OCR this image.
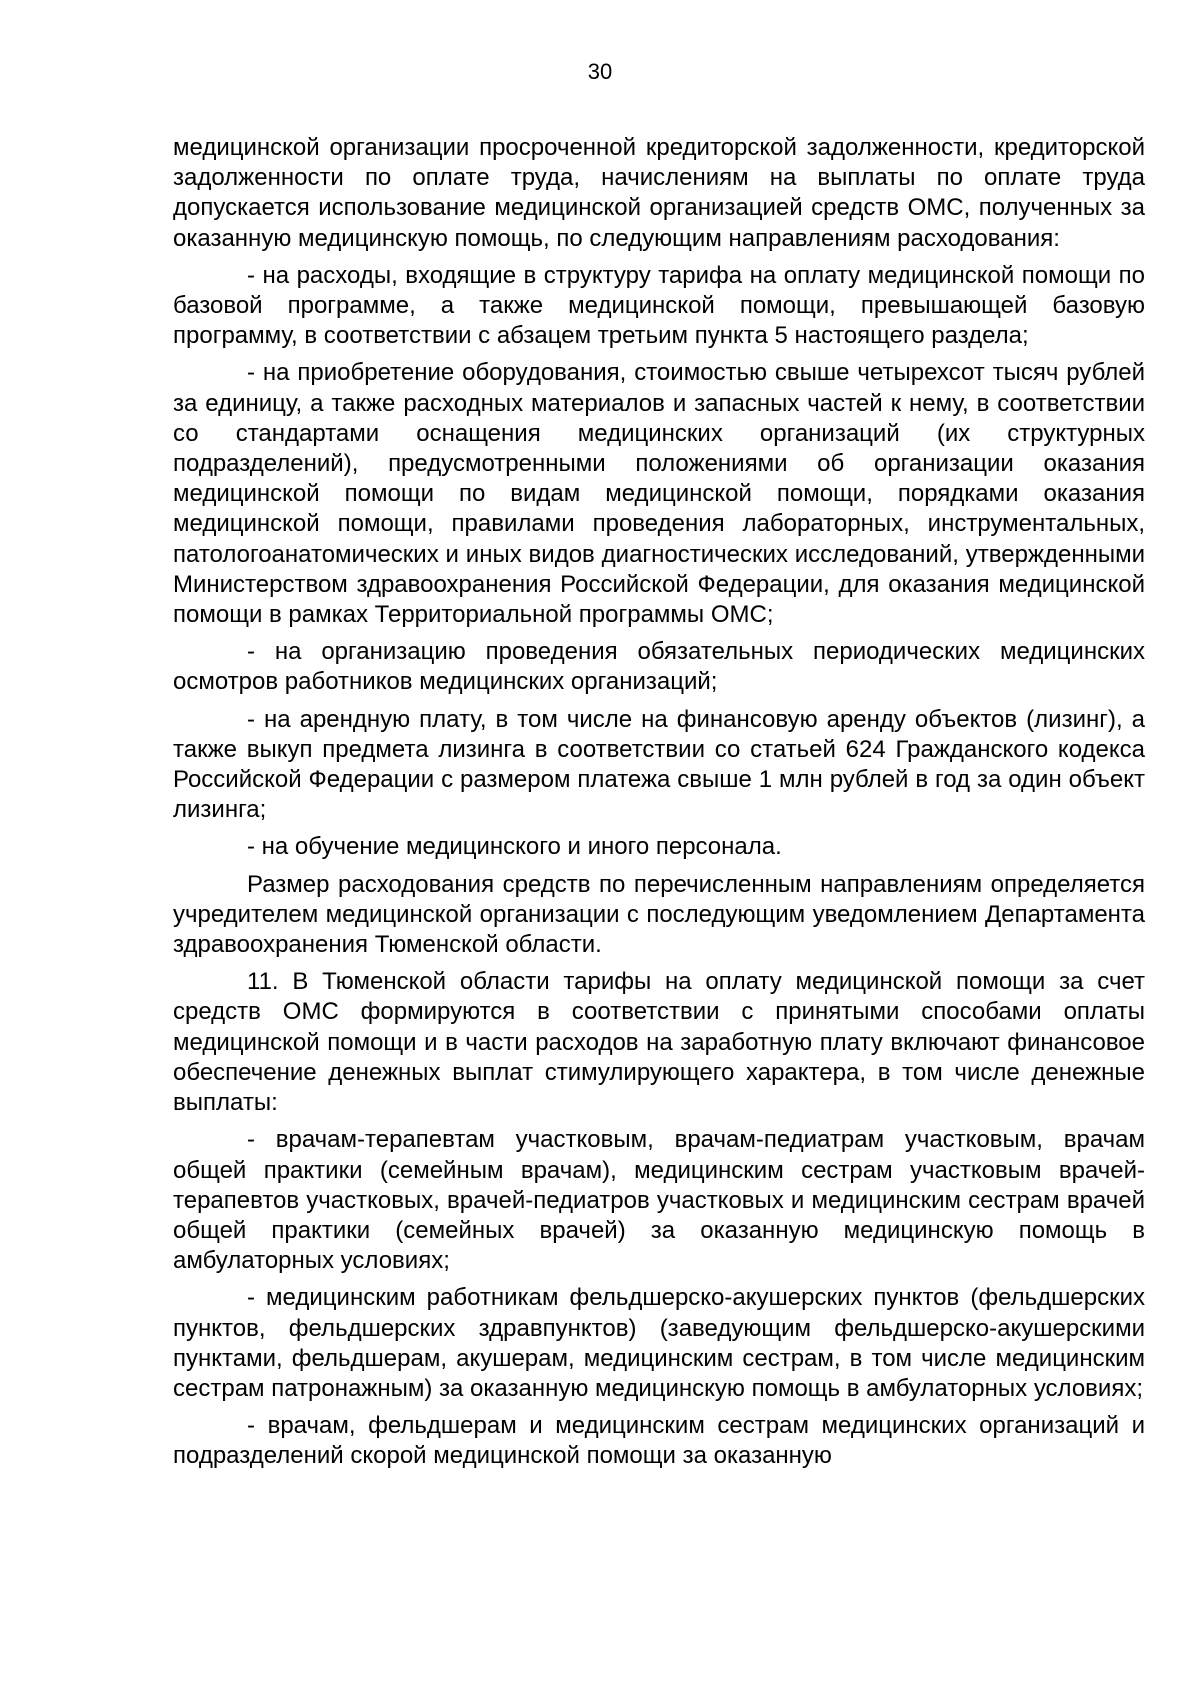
30

медицинской организации просроченной кредиторской задолженности, кредиторской задолженности по оплате труда, начислениям на выплаты по оплате труда допускается использование медицинской организацией средств ОМС, полученных за оказанную медицинскую помощь, по следующим направлениям расходования:

- на расходы, входящие в структуру тарифа на оплату медицинской помощи по базовой программе, а также медицинской помощи, превышающей базовую программу, в соответствии с абзацем третьим пункта 5 настоящего раздела;

- на приобретение оборудования, стоимостью свыше четырехсот тысяч рублей за единицу, а также расходных материалов и запасных частей к нему, в соответствии со стандартами оснащения медицинских организаций (их структурных подразделений), предусмотренными положениями об организации оказания медицинской помощи по видам медицинской помощи, порядками оказания медицинской помощи, правилами проведения лабораторных, инструментальных, патологоанатомических и иных видов диагностических исследований, утвержденными Министерством здравоохранения Российской Федерации, для оказания медицинской помощи в рамках Территориальной программы ОМС;

- на организацию проведения обязательных периодических медицинских осмотров работников медицинских организаций;

- на арендную плату, в том числе на финансовую аренду объектов (лизинг), а также выкуп предмета лизинга в соответствии со статьей 624 Гражданского кодекса Российской Федерации с размером платежа свыше 1 млн рублей в год за один объект лизинга;

- на обучение медицинского и иного персонала.

Размер расходования средств по перечисленным направлениям определяется учредителем медицинской организации с последующим уведомлением Департамента здравоохранения Тюменской области.

11. В Тюменской области тарифы на оплату медицинской помощи за счет средств ОМС формируются в соответствии с принятыми способами оплаты медицинской помощи и в части расходов на заработную плату включают финансовое обеспечение денежных выплат стимулирующего характера, в том числе денежные выплаты:

- врачам-терапевтам участковым, врачам-педиатрам участковым, врачам общей практики (семейным врачам), медицинским сестрам участковым врачей-терапевтов участковых, врачей-педиатров участковых и медицинским сестрам врачей общей практики (семейных врачей) за оказанную медицинскую помощь в амбулаторных условиях;

- медицинским работникам фельдшерско-акушерских пунктов (фельдшерских пунктов, фельдшерских здравпунктов) (заведующим фельдшерско-акушерскими пунктами, фельдшерам, акушерам, медицинским сестрам, в том числе медицинским сестрам патронажным) за оказанную медицинскую помощь в амбулаторных условиях;

- врачам, фельдшерам и медицинским сестрам медицинских организаций и подразделений скорой медицинской помощи за оказанную
